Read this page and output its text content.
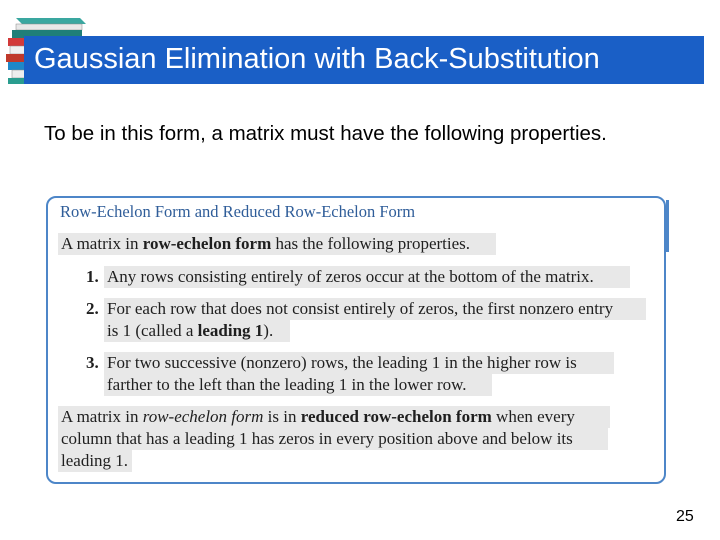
Gaussian Elimination with Back-Substitution
To be in this form, a matrix must have the following properties.
Row-Echelon Form and Reduced Row-Echelon Form
A matrix in row-echelon form has the following properties.
1. Any rows consisting entirely of zeros occur at the bottom of the matrix.
2. For each row that does not consist entirely of zeros, the first nonzero entry
is 1 (called a leading 1).
3. For two successive (nonzero) rows, the leading 1 in the higher row is
farther to the left than the leading 1 in the lower row.
A matrix in row-echelon form is in reduced row-echelon form when every
column that has a leading 1 has zeros in every position above and below its
leading 1.
25
